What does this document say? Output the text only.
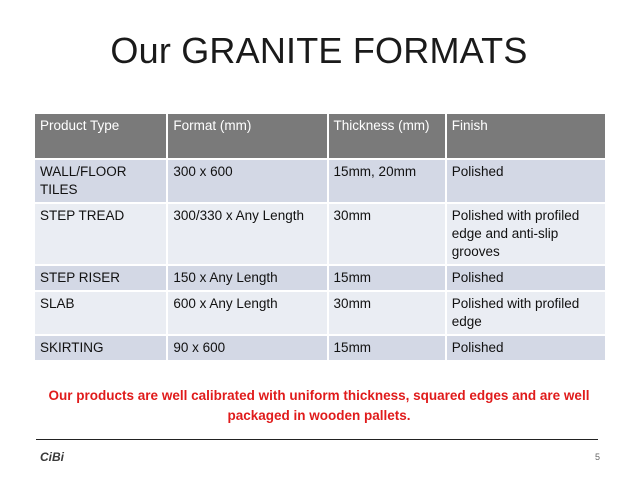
Our GRANITE FORMATS
Product Type	Format (mm)	Thickness (mm)	Finish
WALL/FLOOR TILES	300 x 600	15mm, 20mm	Polished
STEP TREAD	300/330 x Any Length	30mm	Polished with profiled edge and anti-slip grooves
STEP RISER	150 x Any Length	15mm	Polished
SLAB	600 x Any Length	30mm	Polished with profiled edge
SKIRTING	90 x 600	15mm	Polished
Our products are well calibrated with uniform thickness, squared edges and are well packaged in wooden pallets.
CiBi	5
